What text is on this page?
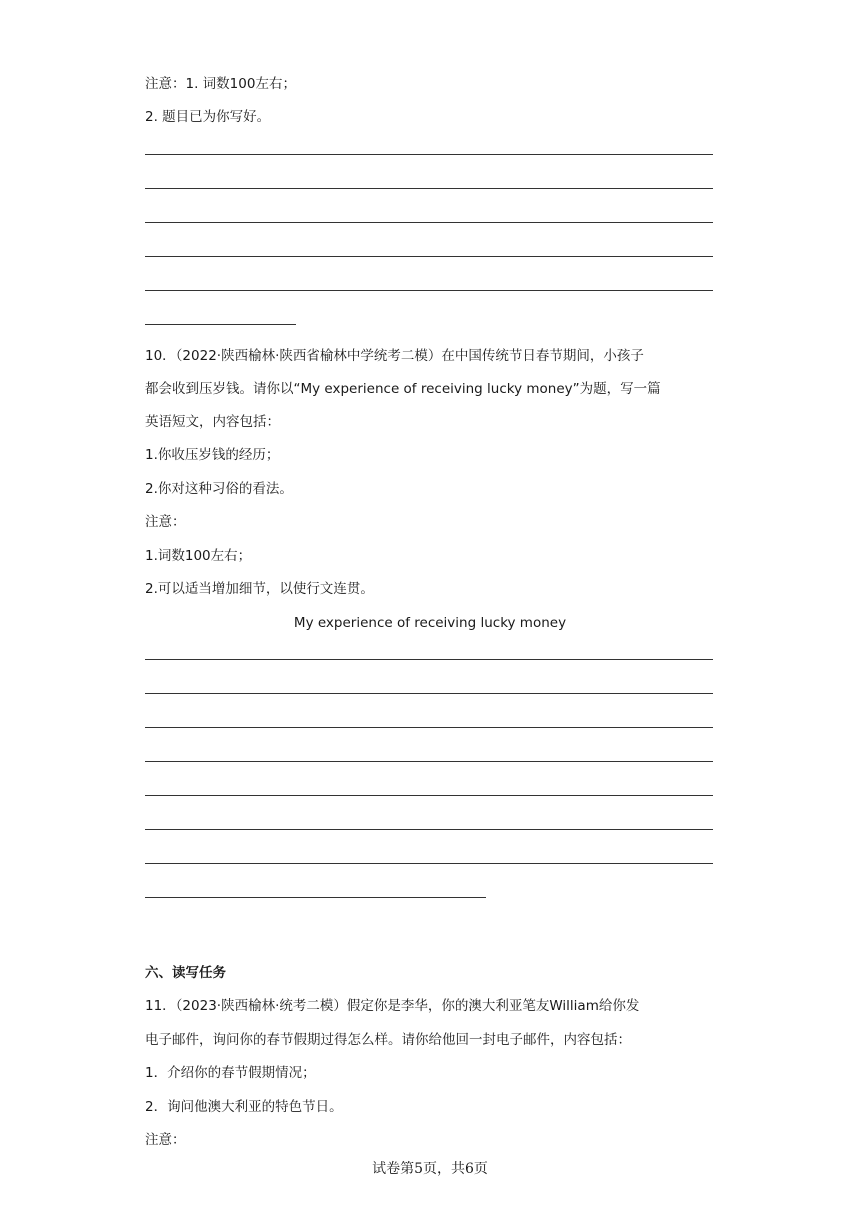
注意：1. 词数100左右；
2. 题目已为你写好。
10．（2022·陕西榆林·陕西省榆林中学统考二模）在中国传统节日春节期间，小孩子
都会收到压岁钱。请你以“My experience of receiving lucky money”为题，写一篇
英语短文，内容包括：
1.你收压岁钱的经历；
2.你对这种习俗的看法。
注意：
1.词数100左右；
2.可以适当增加细节，以使行文连贯。
My experience of receiving lucky money
六、读写任务
11．（2023·陕西榆林·统考二模）假定你是李华，你的澳大利亚笔友William给你发
电子邮件，询问你的春节假期过得怎么样。请你给他回一封电子邮件，内容包括：
1．介绍你的春节假期情况；
2．询问他澳大利亚的特色节日。
注意：
试卷第5页，共6页
